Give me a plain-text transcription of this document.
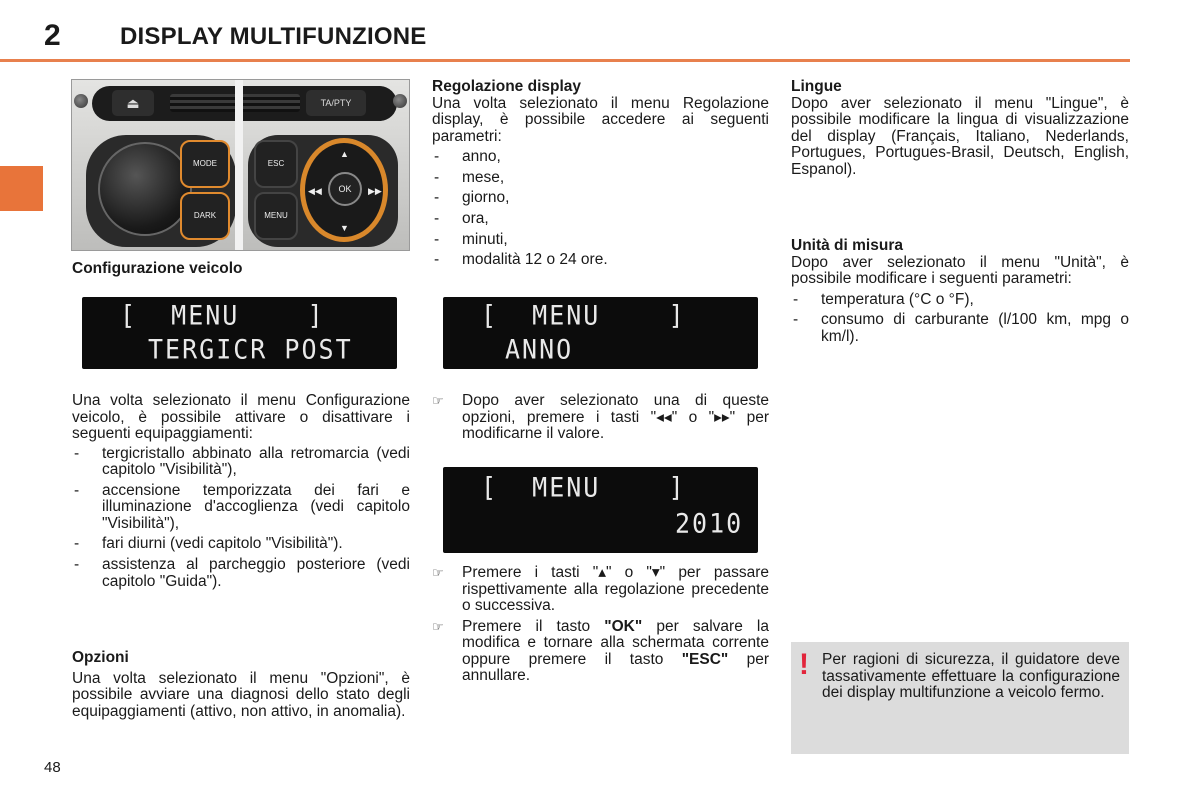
2 DISPLAY MULTIFUNZIONE
⏏	TA/PTY
MODE
DARK
ESC
MENU
OK
▲
▼
◀◀	▶▶

Configurazione veicolo

[  MENU    ]
TERGICR POST

Una volta selezionato il menu Configurazione veicolo, è possibile attivare o disattivare i seguenti equipaggiamenti:

- tergicristallo abbinato alla retromarcia (vedi capitolo "Visibilità"),
- accensione temporizzata dei fari e illuminazione d'accoglienza (vedi capitolo "Visibilità"),
- fari diurni (vedi capitolo "Visibilità").
- assistenza al parcheggio posteriore (vedi capitolo "Guida").

Opzioni

Una volta selezionato il menu "Opzioni", è possibile avviare una diagnosi dello stato degli equipaggiamenti (attivo, non attivo, in anomalia).

Regolazione display

Una volta selezionato il menu Regolazione display, è possibile accedere ai seguenti parametri:

- anno,
- mese,
- giorno,
- ora,
- minuti,
- modalità 12 o 24 ore.
[  MENU    ]
ANNO

☞ Dopo aver selezionato una di queste opzioni, premere i tasti "◂◂" o "▸▸" per modificarne il valore.

[  MENU    ]
2010

☞ Premere i tasti "▴" o "▾" per passare rispettivamente alla regolazione precedente o successiva.

☞ Premere il tasto "OK" per salvare la modifica e tornare alla schermata corrente oppure premere il tasto "ESC" per annullare.

Lingue

Dopo aver selezionato il menu "Lingue", è possibile modificare la lingua di visualizzazione del display (Français, Italiano, Nederlands, Portugues, Portugues-Brasil, Deutsch, English, Espanol).

Unità di misura

Dopo aver selezionato il menu "Unità", è possibile modificare i seguenti parametri:

- temperatura (°C o °F),
- consumo di carburante (l/100 km, mpg o km/l).
! Per ragioni di sicurezza, il guidatore deve tassativamente effettuare la configurazione dei display multifunzione a veicolo fermo.

48
